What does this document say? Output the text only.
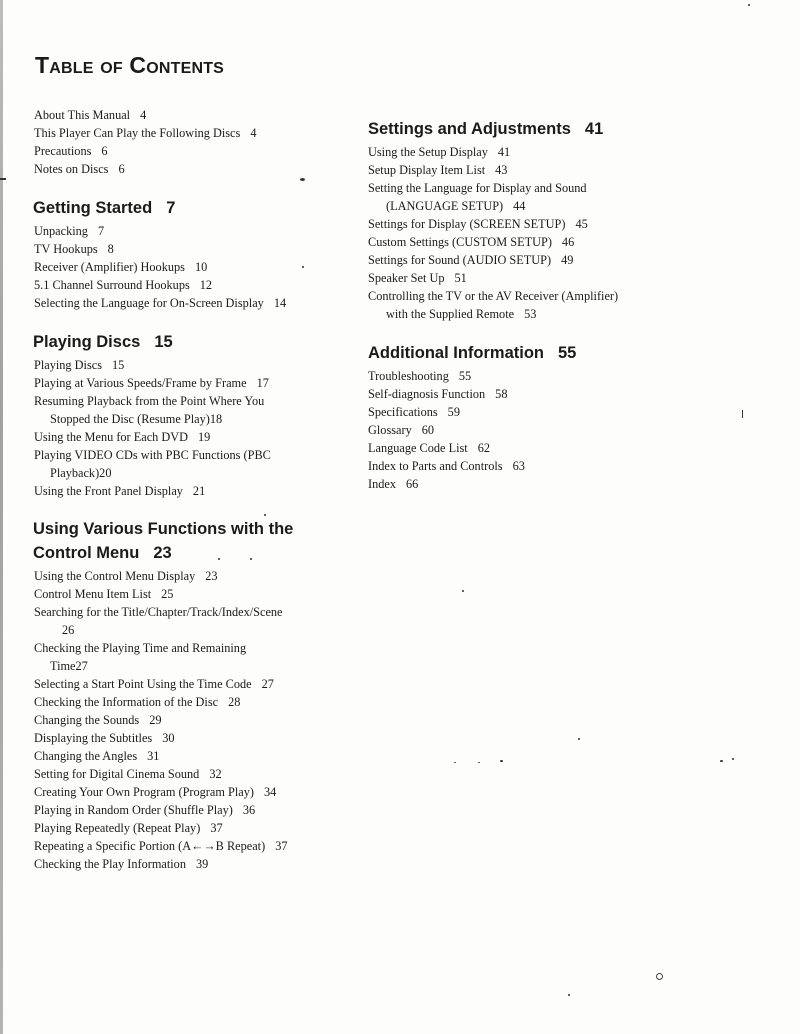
Table of Contents
About This Manual 4
This Player Can Play the Following Discs 4
Precautions 6
Notes on Discs 6
Getting Started 7
Unpacking 7
TV Hookups 8
Receiver (Amplifier) Hookups 10
5.1 Channel Surround Hookups 12
Selecting the Language for On-Screen Display 14
Playing Discs 15
Playing Discs 15
Playing at Various Speeds/Frame by Frame 17
Resuming Playback from the Point Where You
Stopped the Disc (Resume Play)18
Using the Menu for Each DVD 19
Playing VIDEO CDs with PBC Functions (PBC
Playback)20
Using the Front Panel Display 21
Using Various Functions with the
Control Menu 23
Using the Control Menu Display 23
Control Menu Item List 25
Searching for the Title/Chapter/Track/Index/Scene
26
Checking the Playing Time and Remaining
Time27
Selecting a Start Point Using the Time Code 27
Checking the Information of the Disc 28
Changing the Sounds 29
Displaying the Subtitles 30
Changing the Angles 31
Setting for Digital Cinema Sound 32
Creating Your Own Program (Program Play) 34
Playing in Random Order (Shuffle Play) 36
Playing Repeatedly (Repeat Play) 37
Repeating a Specific Portion (A←→B Repeat) 37
Checking the Play Information 39
Settings and Adjustments 41
Using the Setup Display 41
Setup Display Item List 43
Setting the Language for Display and Sound
(LANGUAGE SETUP) 44
Settings for Display (SCREEN SETUP) 45
Custom Settings (CUSTOM SETUP) 46
Settings for Sound (AUDIO SETUP) 49
Speaker Set Up 51
Controlling the TV or the AV Receiver (Amplifier)
with the Supplied Remote 53
Additional Information 55
Troubleshooting 55
Self-diagnosis Function 58
Specifications 59
Glossary 60
Language Code List 62
Index to Parts and Controls 63
Index 66
